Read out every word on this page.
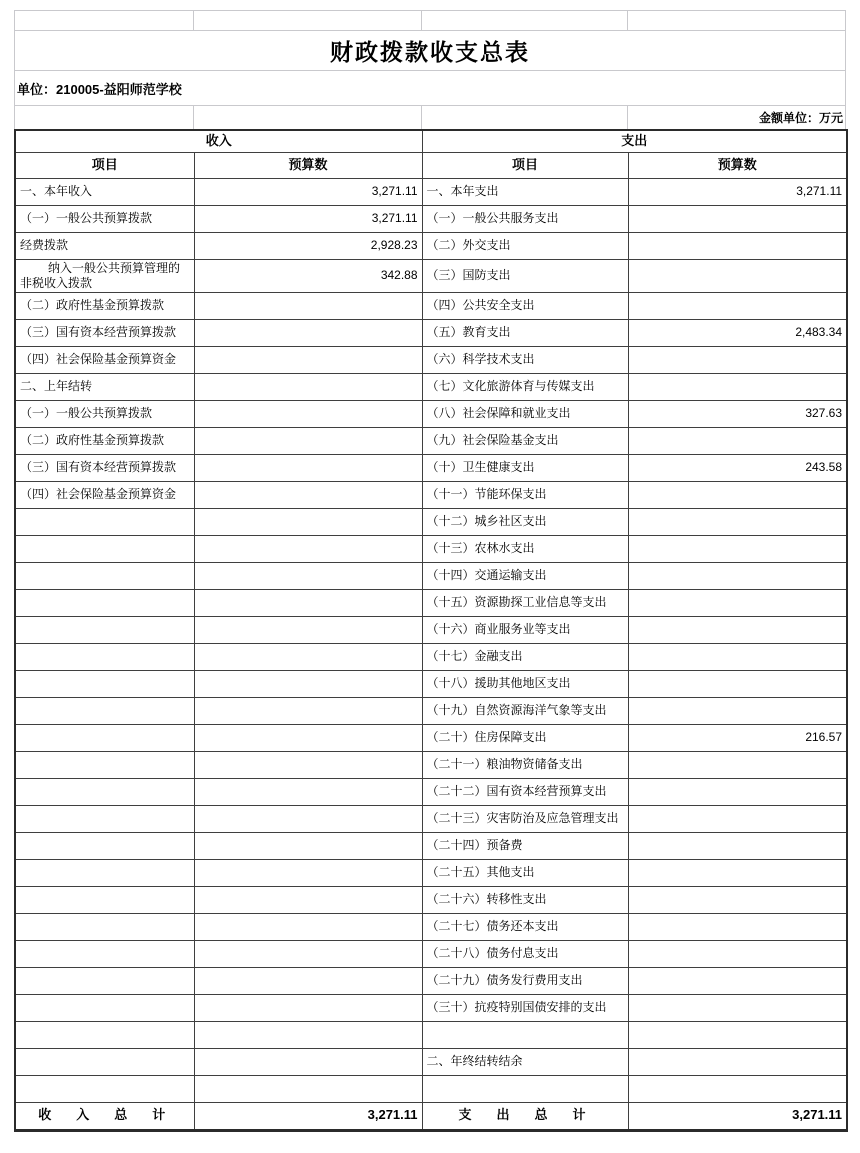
财政拨款收支总表
单位：210005-益阳师范学校
金额单位：万元
收入		支出	
项目	预算数	项目	预算数
一、本年收入	3,271.11	一、本年支出	3,271.11
（一）一般公共预算拨款	3,271.11	（一）一般公共服务支出	
经费拨款	2,928.23	（二）外交支出	
纳入一般公共预算管理的非税收入拨款	342.88	（三）国防支出	
（二）政府性基金预算拨款		（四）公共安全支出	
（三）国有资本经营预算拨款		（五）教育支出	2,483.34
（四）社会保险基金预算资金		（六）科学技术支出	
二、上年结转		（七）文化旅游体育与传媒支出	
（一）一般公共预算拨款		（八）社会保障和就业支出	327.63
（二）政府性基金预算拨款		（九）社会保险基金支出	
（三）国有资本经营预算拨款		（十）卫生健康支出	243.58
（四）社会保险基金预算资金		（十一）节能环保支出	
		（十二）城乡社区支出	
		（十三）农林水支出	
		（十四）交通运输支出	
		（十五）资源勘探工业信息等支出	
		（十六）商业服务业等支出	
		（十七）金融支出	
		（十八）援助其他地区支出	
		（十九）自然资源海洋气象等支出	
		（二十）住房保障支出	216.57
		（二十一）粮油物资储备支出	
		（二十二）国有资本经营预算支出	
		（二十三）灾害防治及应急管理支出	
		（二十四）预备费	
		（二十五）其他支出	
		（二十六）转移性支出	
		（二十七）债务还本支出	
		（二十八）债务付息支出	
		（二十九）债务发行费用支出	
		（三十）抗疫特别国债安排的支出	

		二、年终结转结余	

收　入　总　计	3,271.11	支　出　总　计	3,271.11
